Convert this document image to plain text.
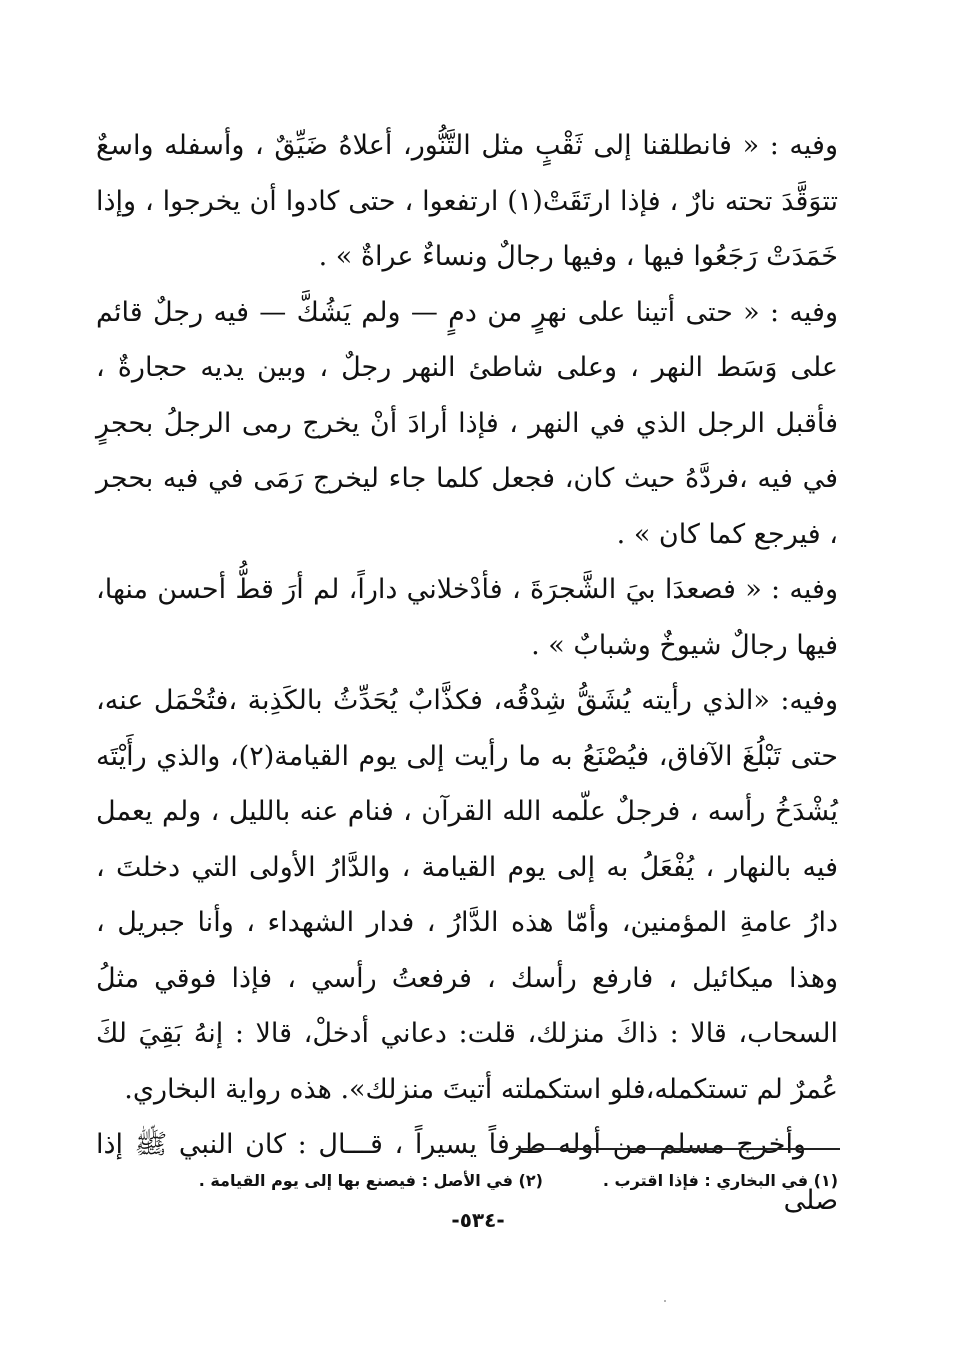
وفيه : « فانطلقنا إلى ثَقْبٍ مثل التَّنُّور، أعلاهُ ضَيِّقٌ ، وأسفله واسعٌ تتوَقَّدَ تحته نارٌ ، فإذا ارتَقَتْ(١) ارتفعوا ، حتى كادوا أن يخرجوا ، وإذا خَمَدَتْ رَجَعُوا فيها ، وفيها رجالٌ ونساءٌ عراةٌ » .

وفيه : « حتى أتينا على نهرٍ من دمٍ — ولم يَشُكَّ — فيه رجلٌ قائم على وَسَط النهر ، وعلى شاطئ النهر رجلٌ ، وبين يديه حجارةٌ ، فأقبل الرجل الذي في النهر ، فإذا أرادَ أنْ يخرج رمى الرجلُ بحجرٍ في فيه ،فردَّهُ حيث كان، فجعل كلما جاء ليخرج رَمَى في فيه بحجر ، فيرجع كما كان » .

وفيه : « فصعدَا بيَ الشَّجرَةَ ، فأدْخلاني داراً، لم أرَ قطُّ أحسن منها، فيها رجالٌ شيوخٌ وشبابٌ » .

وفيه: «الذي رأيته يُشَقُّ شِدْقُه، فكذَّابٌ يُحَدِّثُ بالكَذِبة ،فتُحْمَل عنه، حتى تَبْلُغَ الآفاق، فيُصْنَعُ به ما رأيت إلى يوم القيامة(٢)، والذي رأَيْتَه يُشْدَخُ رأسه ، فرجلٌ علّمه الله القرآن ، فنام عنه بالليل ، ولم يعمل فيه بالنهار ، يُفْعَلُ به إلى يوم القيامة ، والدَّارُ الأولى التي دخلتَ ، دارُ عامةِ المؤمنين، وأمّا هذه الدَّارُ ، فدار الشهداء ، وأنا جبريل ، وهذا ميكائيل ، فارفع رأسك ، فرفعتُ رأسي ، فإذا فوقي مثلُ السحاب، قالا : ذاكَ منزلك، قلت: دعاني أدخلْ، قالا : إنهُ بَقِيَ لكَ عُمرٌ لم تستكمله،فلو استكملته أتيتَ منزلك». هذه رواية البخاري.

وأخرج مسلم من أوله طرفاً يسيراً ، قـــال : كان النبي ﷺ إذا صلى

(١) في البخاري : فإذا اقترب .
(٢) في الأصل : فيصنع بها إلى يوم القيامة .
-٥٣٤-
